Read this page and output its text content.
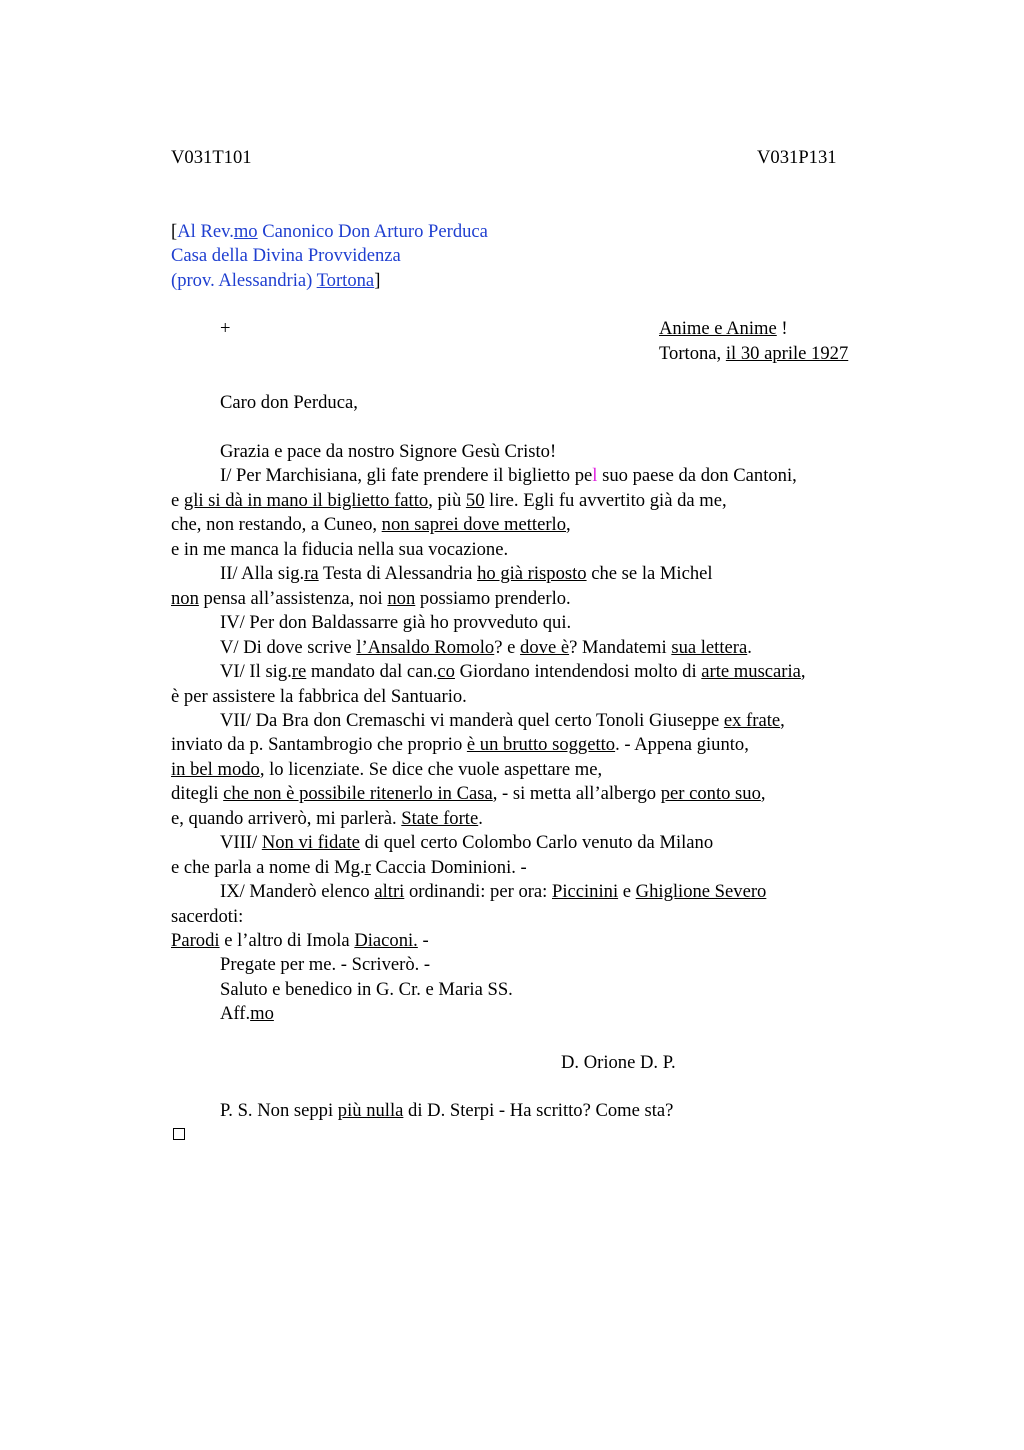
V031T101	V031P131
[Al Rev.mo Canonico Don Arturo Perduca
Casa della Divina Provvidenza
(prov. Alessandria) Tortona]
+	Anime e Anime !
Tortona, il 30 aprile 1927
Caro don Perduca,
Grazia e pace da nostro Signore Gesù Cristo!
I/ Per Marchisiana, gli fate prendere il biglietto pel suo paese da don Cantoni,
e gli si dà in mano il biglietto fatto, più 50 lire. Egli fu avvertito già da me,
che, non restando, a Cuneo, non saprei dove metterlo,
e in me manca la fiducia nella sua vocazione.
II/ Alla sig.ra Testa di Alessandria ho già risposto che se la Michel
non pensa all’assistenza, noi non possiamo prenderlo.
IV/ Per don Baldassarre già ho provveduto qui.
V/ Di dove scrive l’Ansaldo Romolo? e dove è? Mandatemi sua lettera.
VI/ Il sig.re mandato dal can.co Giordano intendendosi molto di arte muscaria,
è per assistere la fabbrica del Santuario.
VII/ Da Bra don Cremaschi vi manderà quel certo Tonoli Giuseppe ex frate,
inviato da p. Santambrogio che proprio è un brutto soggetto. - Appena giunto,
in bel modo, lo licenziate. Se dice che vuole aspettare me,
ditegli che non è possibile ritenerlo in Casa, - si metta all’albergo per conto suo,
e, quando arriverò, mi parlerà. State forte.
VIII/ Non vi fidate di quel certo Colombo Carlo venuto da Milano
e che parla a nome di Mg.r Caccia Dominioni. -
IX/ Manderò elenco altri ordinandi: per ora: Piccinini e Ghiglione Severo
sacerdoti:
Parodi e l’altro di Imola Diaconi. -
Pregate per me. - Scriverò. -
Saluto e benedico in G. Cr. e Maria SS.
Aff.mo
D. Orione D. P.
P. S. Non seppi più nulla di D. Sterpi - Ha scritto? Come sta?
